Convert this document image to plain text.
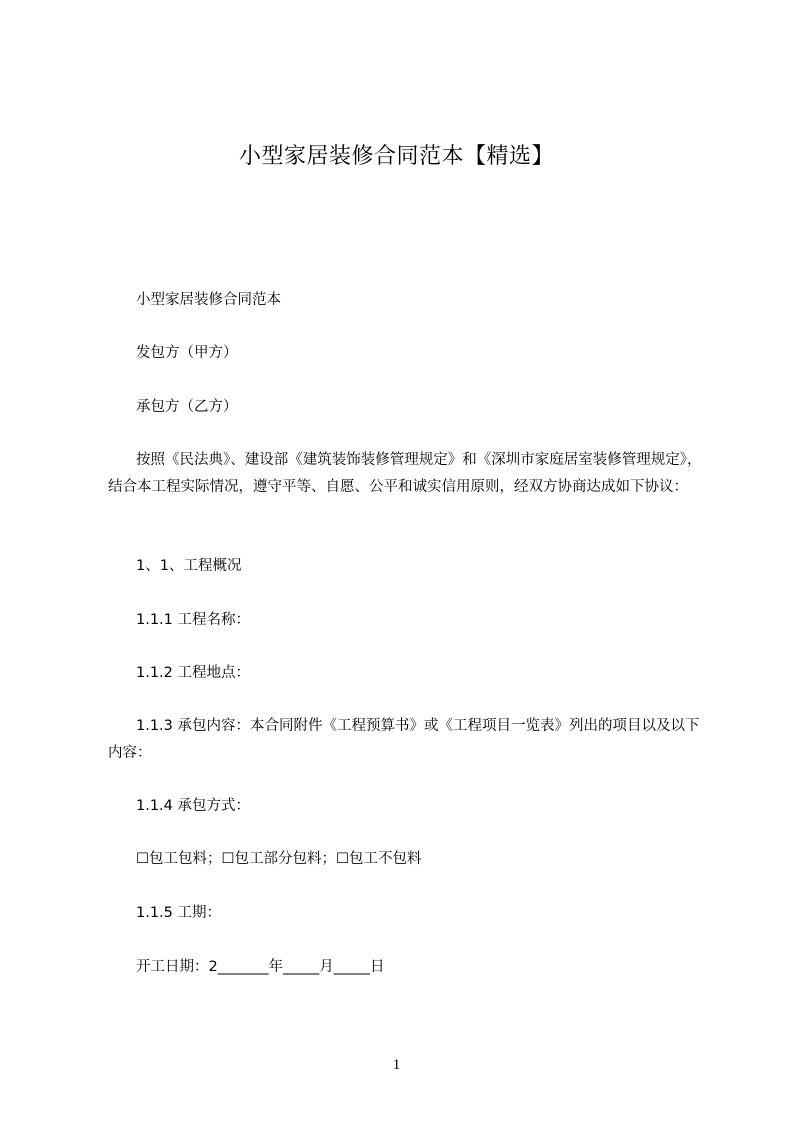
小型家居装修合同范本【精选】
小型家居装修合同范本
发包方（甲方）
承包方（乙方）
按照《民法典》、建设部《建筑装饰装修管理规定》和《深圳市家庭居室装修管理规定》，结合本工程实际情况，遵守平等、自愿、公平和诚实信用原则，经双方协商达成如下协议：
1、1、工程概况
1.1.1 工程名称：
1.1.2 工程地点：
1.1.3 承包内容：本合同附件《工程预算书》或《工程项目一览表》列出的项目以及以下内容：
1.1.4 承包方式：
☐包工包料；☐包工部分包料；☐包工不包料
1.1.5 工期：
开工日期：2_______年_____月_____日
1
